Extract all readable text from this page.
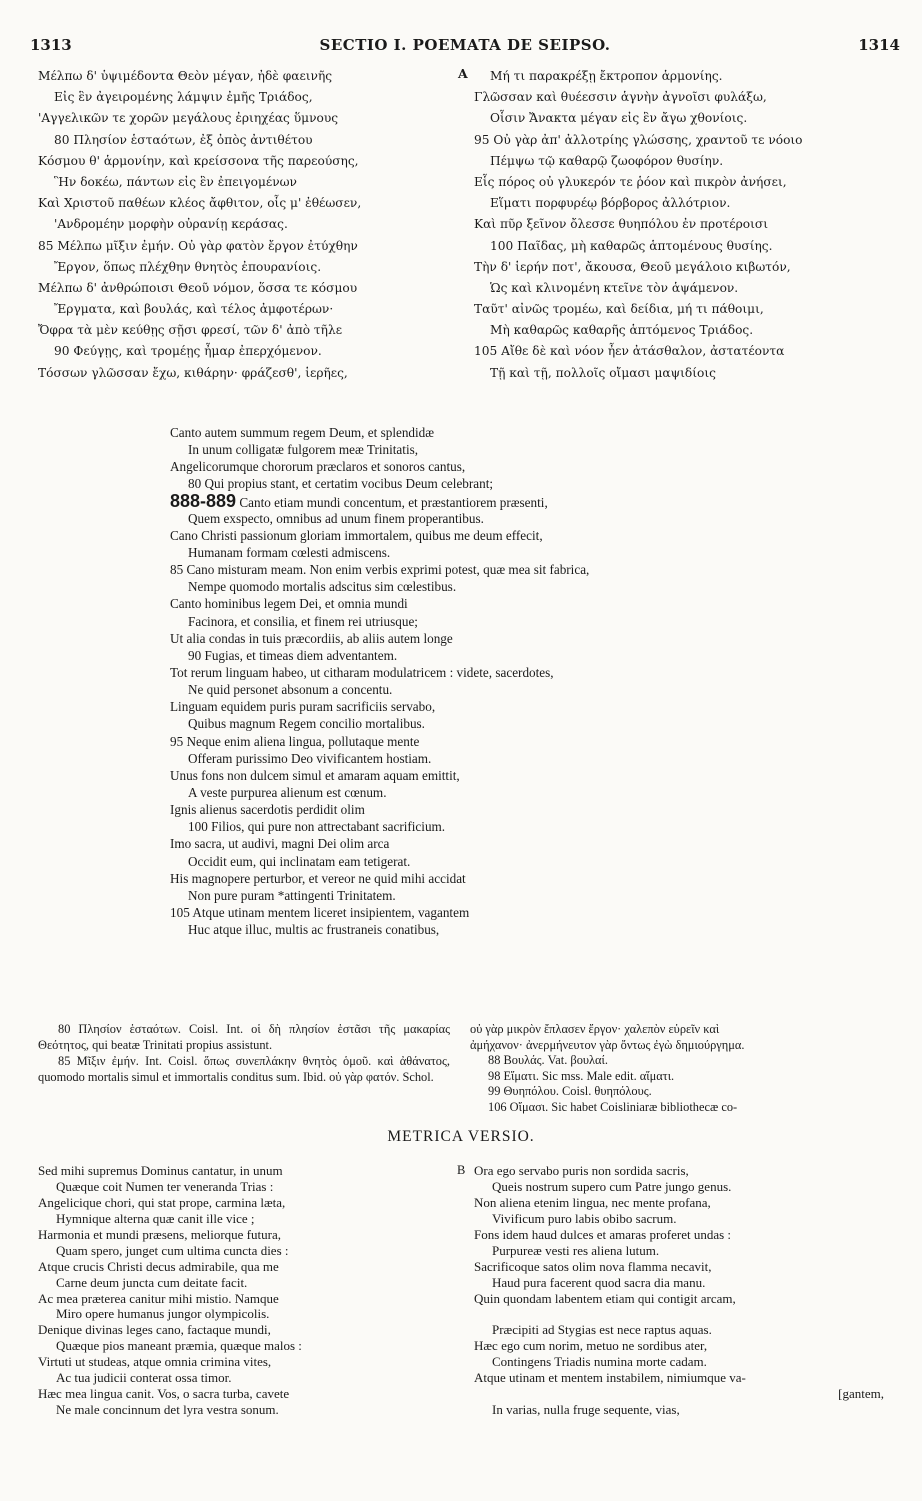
1313	SECTIO I. POEMATA DE SEIPSO.	1314
Μέλπω δ' ὑψιμέδοντα Θεὸν μέγαν, ἠδὲ φαεινῆς
Εἰς ἓν ἀγειρομένης λάμψιν ἐμῆς Τριάδος,
'Αγγελικῶν τε χορῶν μεγάλους ἐριηχέας ὕμνους
80 Πλησίον ἑσταότων, ἐξ ὀπὸς ἀντιθέτου
Κόσμου θ' ἁρμονίην, καὶ κρείσσονα τῆς παρεούσης,
Ἣν δοκέω, πάντων εἰς ἓν ἐπειγομένων
Καὶ Χριστοῦ παθέων κλέος ἄφθιτον, οἷς μ' ἐθέωσεν,
'Ανδρομέην μορφὴν οὐρανίῃ κεράσας.
85 Μέλπω μῖξιν ἐμήν. Οὐ γὰρ φατὸν ἔργον ἐτύχθην
Ἔργον, ὅπως πλέχθην θνητὸς ἐπουρανίοις.
Μέλπω δ' ἀνθρώποισι Θεοῦ νόμον, ὅσσα τε κόσμου
Ἔργματα, καὶ βουλάς, καὶ τέλος ἀμφοτέρων·
Ὄφρα τὰ μὲν κεύθῃς σῇσι φρεσί, τῶν δ' ἀπὸ τῆλε
90 Φεύγῃς, καὶ τρομέῃς ἦμαρ ἐπερχόμενον.
Τόσσων γλῶσσαν ἔχω, κιθάρην· φράζεσθ', ἱερῆες,
A	Μή τι παρακρέξῃ ἔκτροπον ἁρμονίης.
Γλῶσσαν καὶ θυέεσσιν ἁγνὴν ἀγνοῖσι φυλάξω,
Οἷσιν Ἄνακτα μέγαν εἰς ἓν ἄγω χθονίοις.
95 Οὐ γὰρ ἀπ' ἀλλοτρίης γλώσσης, χραντοῦ τε νόοιο
Πέμψω τῷ καθαρῷ ζωοφόρον θυσίην.
Εἷς πόρος οὐ γλυκερόν τε ῥόον καὶ πικρὸν ἀνήσει,
Εἵματι πορφυρέῳ βόρβορος ἀλλότριον.
Καὶ πῦρ ξεῖνον ὄλεσσε θυηπόλου ἐν προτέροισι
100 Παῖδας, μὴ καθαρῶς ἁπτομένους θυσίης.
Τὴν δ' ἱερήν ποτ', ἄκουσα, Θεοῦ μεγάλοιο κιβωτόν,
Ὡς καὶ κλινομένη κτεῖνε τὸν ἁψάμενον.
Ταῦτ' αἰνῶς τρομέω, καὶ δείδια, μή τι πάθοιμι,
Μὴ καθαρῶς καθαρῆς ἁπτόμενος Τριάδος.
105 Αἴθε δὲ καὶ νόον ἦεν ἀτάσθαλον, ἀστατέοντα
Τῇ καὶ τῇ, πολλοῖς οἴμασι μαψιδίοις
Canto autem summum regem Deum, et splendidæ
In unum colligatæ fulgorem meæ Trinitatis,
Angelicorumque chororum præclaros et sonoros cantus,
80 Qui propius stant, et certatim vocibus Deum celebrant;
888-889 Canto etiam mundi concentum, et præstantiorem præsenti,
Quem exspecto, omnibus ad unum finem properantibus.
Cano Christi passionum gloriam immortalem, quibus me deum effecit,
Humanam formam cœlesti admiscens.
85 Cano misturam meam. Non enim verbis exprimi potest, quæ mea sit fabrica,
Nempe quomodo mortalis adscitus sim cœlestibus.
Canto hominibus legem Dei, et omnia mundi
Facinora, et consilia, et finem rei utriusque;
Ut alia condas in tuis præcordiis, ab aliis autem longe
90 Fugias, et timeas diem adventantem.
Tot rerum linguam habeo, ut citharam modulatricem : videte, sacerdotes,
Ne quid personet absonum a concentu.
Linguam equidem puris puram sacrificiis servabo,
Quibus magnum Regem concilio mortalibus.
95 Neque enim aliena lingua, pollutaque mente
Offeram purissimo Deo vivificantem hostiam.
Unus fons non dulcem simul et amaram aquam emittit,
A veste purpurea alienum est cœnum.
Ignis alienus sacerdotis perdidit olim
100 Filios, qui pure non attrectabant sacrificium.
Imo sacra, ut audivi, magni Dei olim arca
Occidit eum, qui inclinatam eam tetigerat.
His magnopere perturbor, et vereor ne quid mihi accidat
Non pure puram *attingenti Trinitatem.
105 Atque utinam mentem liceret insipientem, vagantem
Huc atque illuc, multis ac frustraneis conatibus,

80 Πλησίον ἑσταότων. Coisl. Int. οἱ δὴ πλησίον ἑστᾶσι τῆς μακαρίας Θεότητος, qui beatæ Trinitati propius assistunt.

85 Μῖξιν ἐμήν. Int. Coisl. ὅπως συνεπλάκην θνητὸς ὁμοῦ. καὶ ἀθάνατος, quomodo mortalis simul et immortalis conditus sum. Ibid. οὐ γὰρ φατόν. Schol.

οὐ γὰρ μικρὸν ἔπλασεν ἔργον· χαλεπὸν εὑρεῖν καὶ
ἀμήχανον· ἀνερμήνευτον γὰρ ὄντως ἐγὼ δημιούργημα.
88 Βουλάς. Vat. βουλαί.
98 Εἵματι. Sic mss. Male edit. αἵματι.
99 Θυηπόλου. Coisl. θυηπόλους.
106 Οἴμασι. Sic habet Coisliniaræ bibliothecæ co-
METRICA VERSIO.
Sed mihi supremus Dominus cantatur, in unum
Quæque coit Numen ter veneranda Trias :
Angelicique chori, qui stat prope, carmina læta,
Hymnique alterna quæ canit ille vice ;
Harmonia et mundi præsens, meliorque futura,
Quam spero, junget cum ultima cuncta dies :
Atque crucis Christi decus admirabile, qua me
Carne deum juncta cum deitate facit.
Ac mea præterea canitur mihi mistio. Namque
Miro opere humanus jungor olympicolis.
Denique divinas leges cano, factaque mundi,
Quæque pios maneant præmia, quæque malos :
Virtuti ut studeas, atque omnia crimina vites,
Ac tua judicii conterat ossa timor.
Hæc mea lingua canit. Vos, o sacra turba, cavete
Ne male concinnum det lyra vestra sonum.
B Ora ego servabo puris non sordida sacris,
Queis nostrum supero cum Patre jungo genus.
Non aliena etenim lingua, nec mente profana,
Vivificum puro labis obibo sacrum.
Fons idem haud dulces et amaras proferet undas :
Purpureæ vesti res aliena lutum.
Sacrificoque satos olim nova flamma necavit,
Haud pura facerent quod sacra dia manu.
Quin quondam labentem etiam qui contigit arcam,
Præcipiti ad Stygias est nece raptus aquas.
Hæc ego cum norim, metuo ne sordibus ater,
Contingens Triadis numina morte cadam.
Atque utinam et mentem instabilem, nimiumque va-
[gantem,
In varias, nulla fruge sequente, vias,
